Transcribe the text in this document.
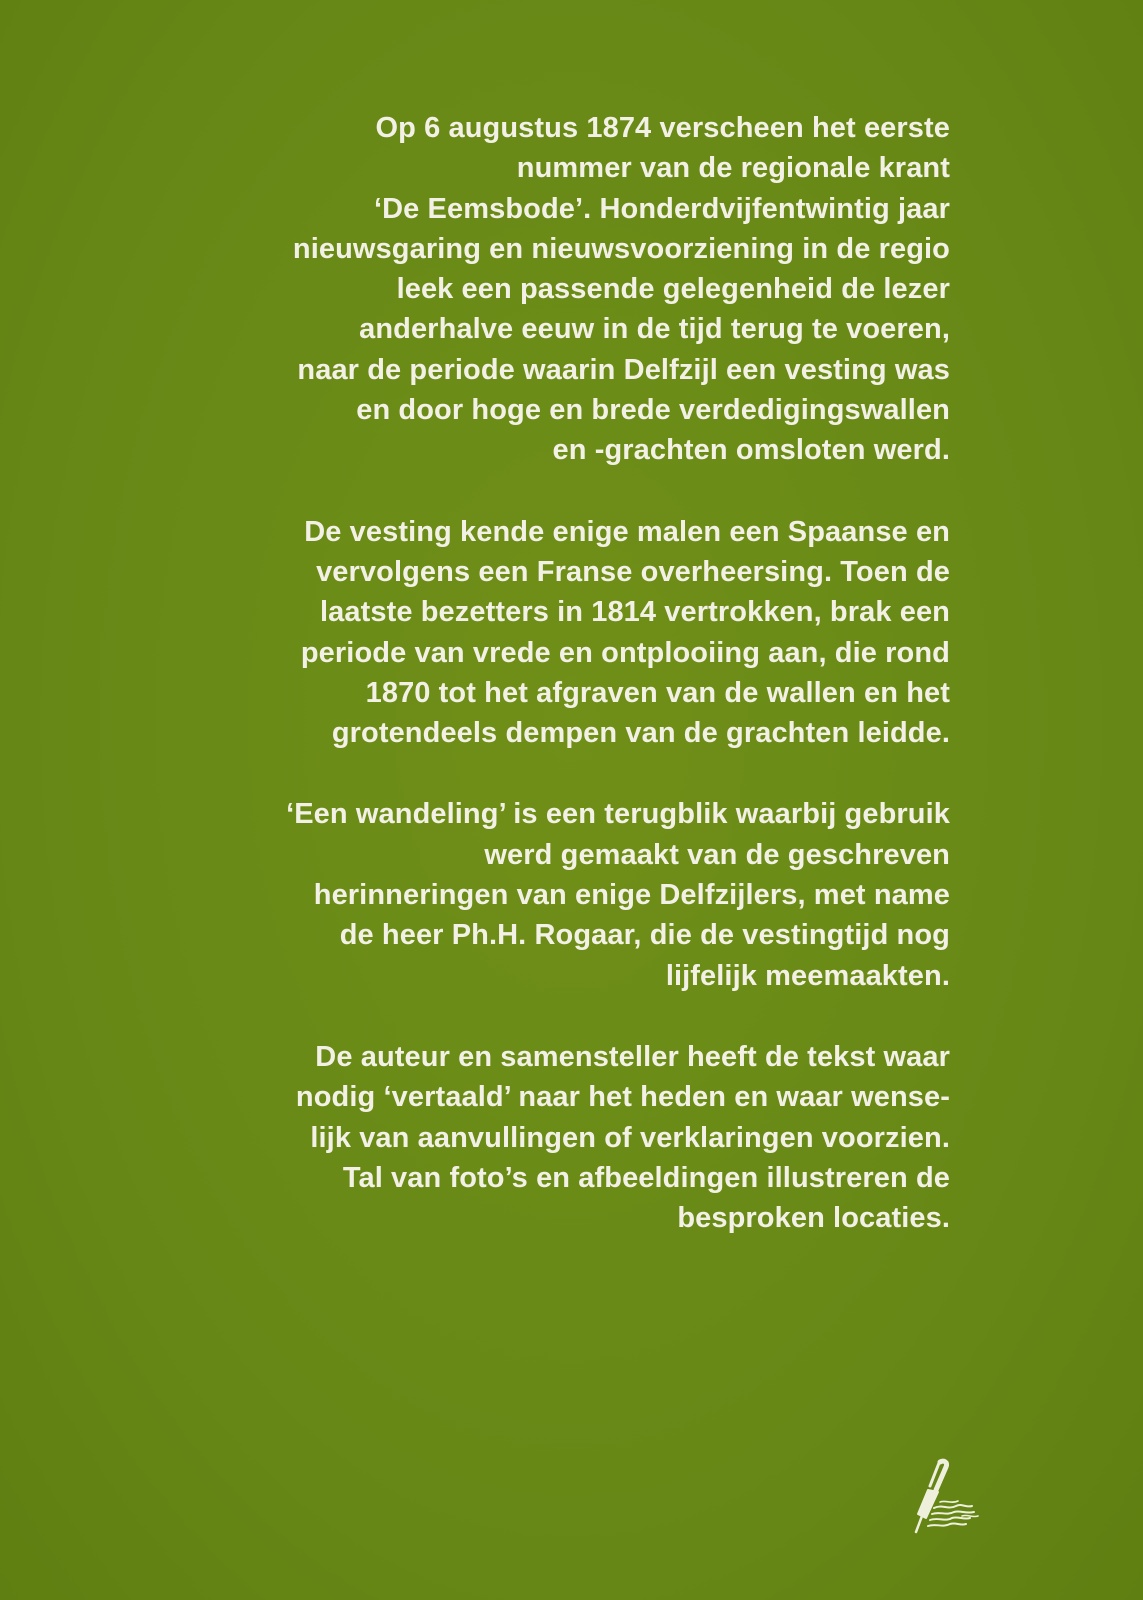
Op 6 augustus 1874 verscheen het eerste
nummer van de regionale krant
‘De Eemsbode’. Honderdvijfentwintig jaar
nieuwsgaring en nieuwsvoorziening in de regio
leek een passende gelegenheid de lezer
anderhalve eeuw in de tijd terug te voeren,
naar de periode waarin Delfzijl een vesting was
en door hoge en brede verdedigingswallen
en -grachten omsloten werd.

De vesting kende enige malen een Spaanse en
vervolgens een Franse overheersing. Toen de
laatste bezetters in 1814 vertrokken, brak een
periode van vrede en ontplooiing aan, die rond
1870 tot het afgraven van de wallen en het
grotendeels dempen van de grachten leidde.

‘Een wandeling’ is een terugblik waarbij gebruik
werd gemaakt van de geschreven
herinneringen van enige Delfzijlers, met name
de heer Ph.H. Rogaar, die de vestingtijd nog
lijfelijk meemaakten.

De auteur en samensteller heeft de tekst waar
nodig ‘vertaald’ naar het heden en waar wense-
lijk van aanvullingen of verklaringen voorzien.
Tal van foto’s en afbeeldingen illustreren de
besproken locaties.
